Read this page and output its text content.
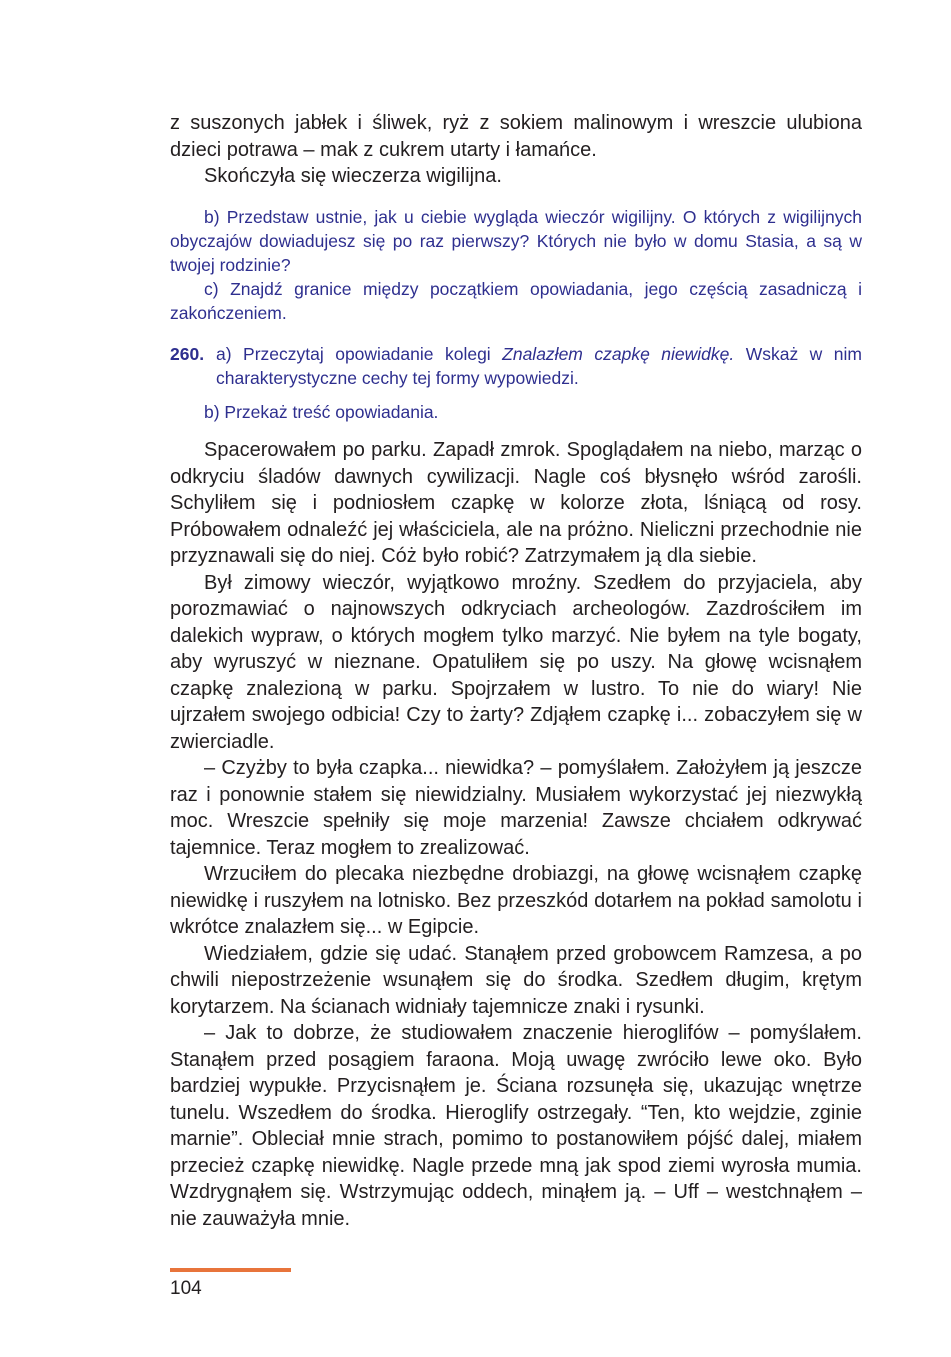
z suszonych jabłek i śliwek, ryż z sokiem malinowym i wreszcie ulubiona dzieci potrawa – mak z cukrem utarty i łamańce.

Skończyła się wieczerza wigilijna.

b) Przedstaw ustnie, jak u ciebie wygląda wieczór wigilijny. O których z wigilijnych obyczajów dowiadujesz się po raz pierwszy? Których nie było w domu Stasia, a są w twojej rodzinie?

c) Znajdź granice między początkiem opowiadania, jego częścią zasadniczą i zakończeniem.

260. a) Przeczytaj opowiadanie kolegi Znalazłem czapkę niewidkę. Wskaż w nim charakterystyczne cechy tej formy wypowiedzi.

b) Przekaż treść opowiadania.

Spacerowałem po parku. Zapadł zmrok. Spoglądałem na niebo, marząc o odkryciu śladów dawnych cywilizacji. Nagle coś błysnęło wśród zarośli. Schyliłem się i podniosłem czapkę w kolorze złota, lśniącą od rosy. Próbowałem odnaleźć jej właściciela, ale na próżno. Nieliczni przechodnie nie przyznawali się do niej. Cóż było robić? Zatrzymałem ją dla siebie.

Był zimowy wieczór, wyjątkowo mroźny. Szedłem do przyjaciela, aby porozmawiać o najnowszych odkryciach archeologów. Zazdrościłem im dalekich wypraw, o których mogłem tylko marzyć. Nie byłem na tyle bogaty, aby wyruszyć w nieznane. Opatuliłem się po uszy. Na głowę wcisnąłem czapkę znalezioną w parku. Spojrzałem w lustro. To nie do wiary! Nie ujrzałem swojego odbicia! Czy to żarty? Zdjąłem czapkę i... zobaczyłem się w zwierciadle.

– Czyżby to była czapka... niewidka? – pomyślałem. Założyłem ją jeszcze raz i ponownie stałem się niewidzialny. Musiałem wykorzystać jej niezwykłą moc. Wreszcie spełniły się moje marzenia! Zawsze chciałem odkrywać tajemnice. Teraz mogłem to zrealizować.

Wrzuciłem do plecaka niezbędne drobiazgi, na głowę wcisnąłem czapkę niewidkę i ruszyłem na lotnisko. Bez przeszkód dotarłem na pokład samolotu i wkrótce znalazłem się... w Egipcie.

Wiedziałem, gdzie się udać. Stanąłem przed grobowcem Ramzesa, a po chwili niepostrzeżenie wsunąłem się do środka. Szedłem długim, krętym korytarzem. Na ścianach widniały tajemnicze znaki i rysunki.

– Jak to dobrze, że studiowałem znaczenie hieroglifów – pomyślałem. Stanąłem przed posągiem faraona. Moją uwagę zwróciło lewe oko. Było bardziej wypukłe. Przycisnąłem je. Ściana rozsunęła się, ukazując wnętrze tunelu. Wszedłem do środka. Hieroglify ostrzegały. “Ten, kto wejdzie, zginie marnie”. Obleciał mnie strach, pomimo to postanowiłem pójść dalej, miałem przecież czapkę niewidkę. Nagle przede mną jak spod ziemi wyrosła mumia. Wzdrygnąłem się. Wstrzymując oddech, minąłem ją. – Uff – westchnąłem – nie zauważyła mnie.

104
